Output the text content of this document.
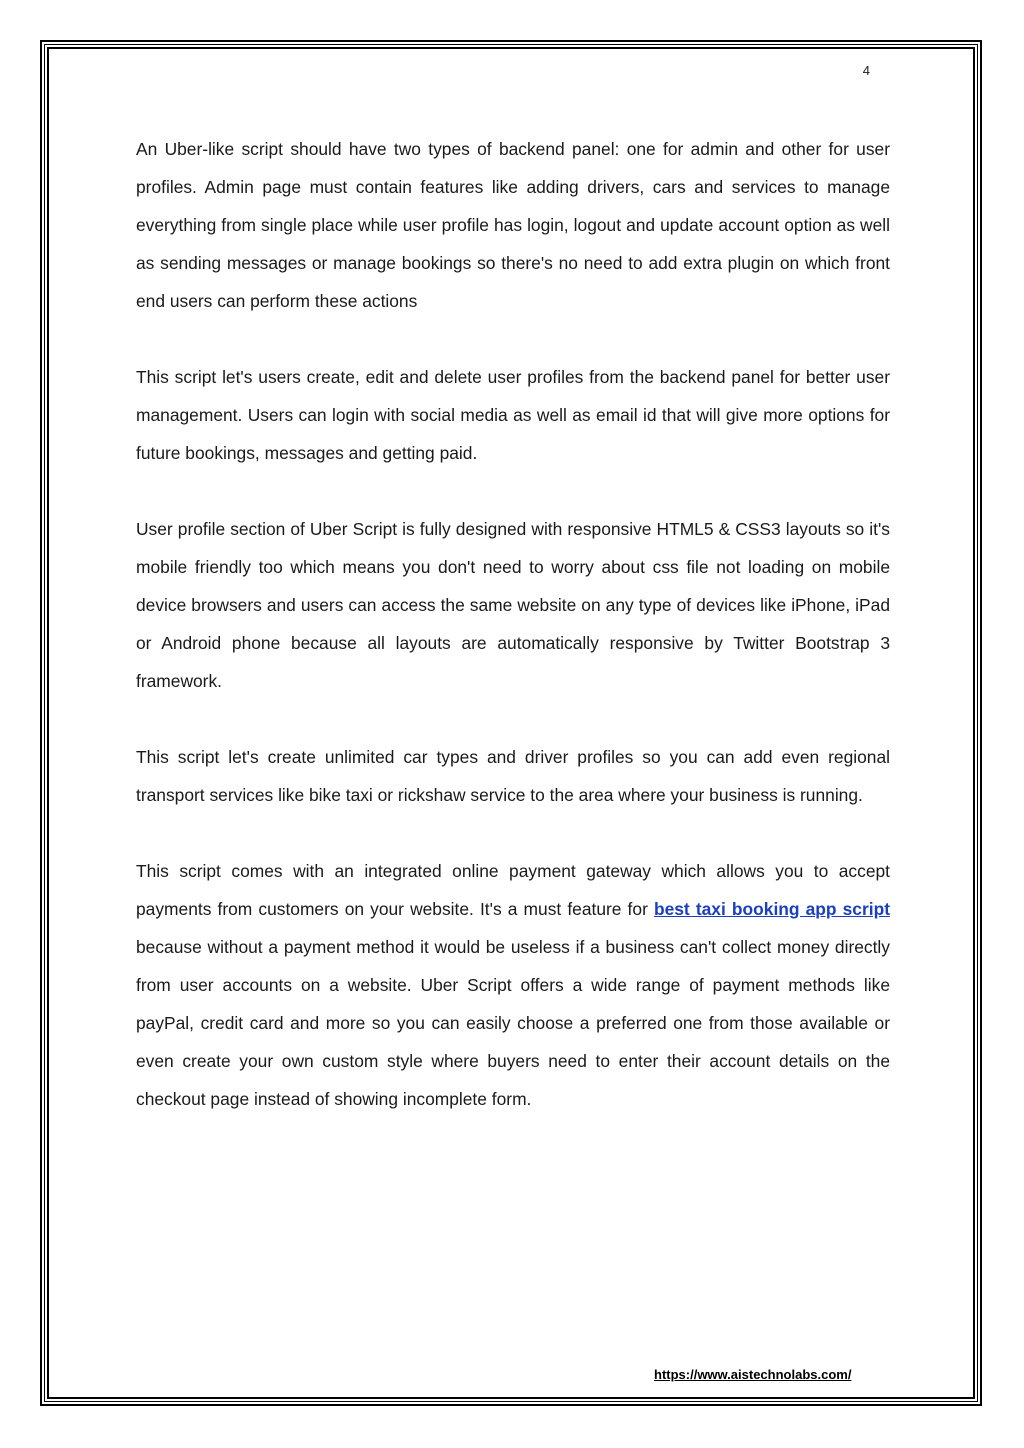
4

An Uber-like script should have two types of backend panel: one for admin and other for user profiles. Admin page must contain features like adding drivers, cars and services to manage everything from single place while user profile has login, logout and update account option as well as sending messages or manage bookings so there's no need to add extra plugin on which front end users can perform these actions

This script let's users create, edit and delete user profiles from the backend panel for better user management. Users can login with social media as well as email id that will give more options for future bookings, messages and getting paid.

User profile section of Uber Script is fully designed with responsive HTML5 & CSS3 layouts so it's mobile friendly too which means you don't need to worry about css file not loading on mobile device browsers and users can access the same website on any type of devices like iPhone, iPad or Android phone because all layouts are automatically responsive by Twitter Bootstrap 3 framework.

This script let's create unlimited car types and driver profiles so you can add even regional transport services like bike taxi or rickshaw service to the area where your business is running.

This script comes with an integrated online payment gateway which allows you to accept payments from customers on your website. It's a must feature for best taxi booking app script because without a payment method it would be useless if a business can't collect money directly from user accounts on a website. Uber Script offers a wide range of payment methods like payPal, credit card and more so you can easily choose a preferred one from those available or even create your own custom style where buyers need to enter their account details on the checkout page instead of showing incomplete form.

https://www.aistechnolabs.com/
